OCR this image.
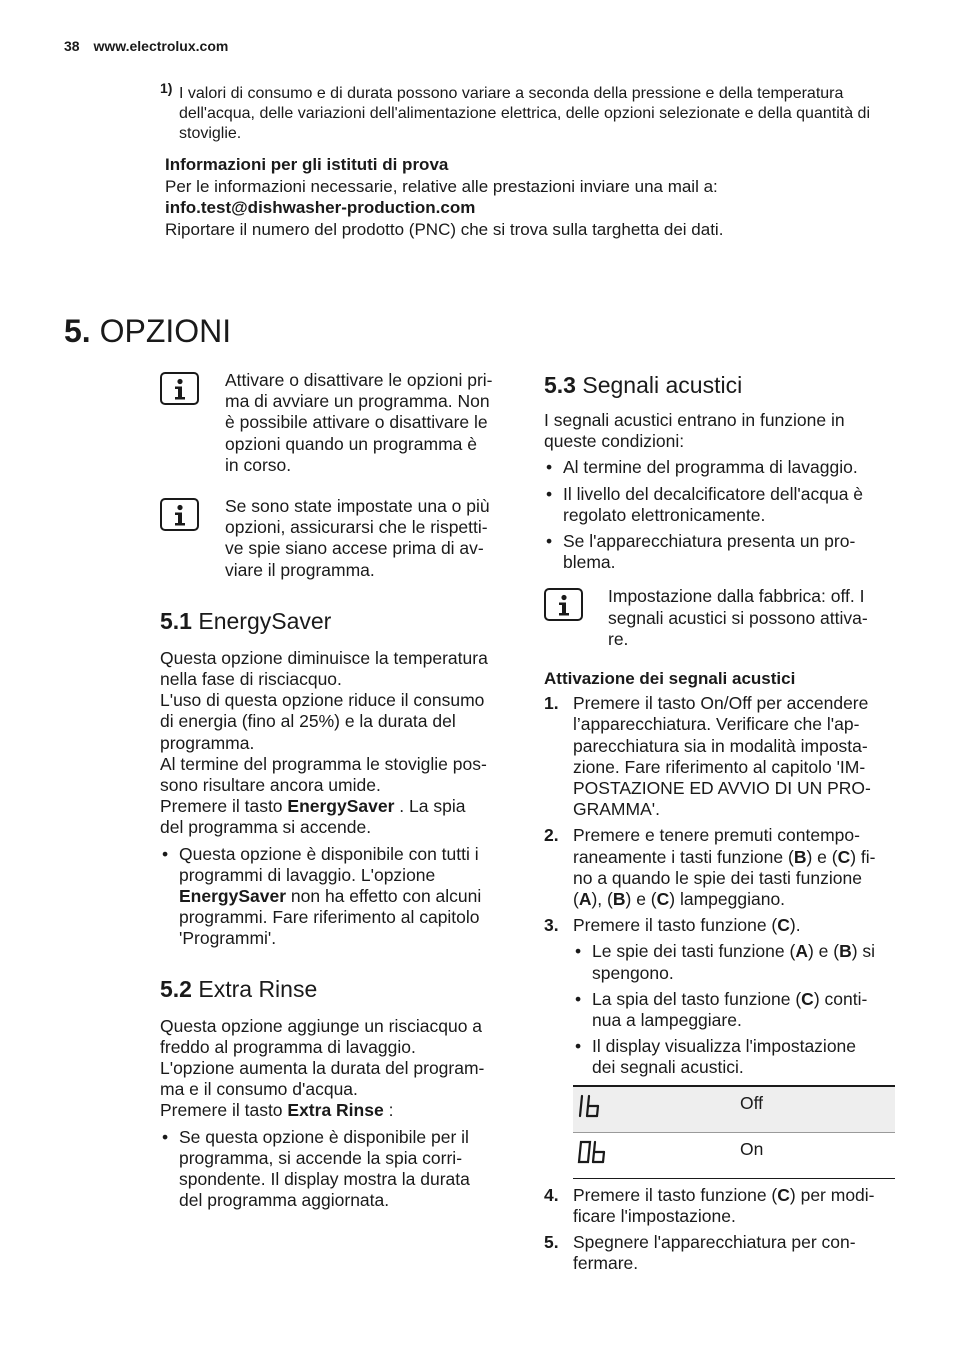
38 www.electrolux.com
1) I valori di consumo e di durata possono variare a seconda della pressione e della temperatura dell'acqua, delle variazioni dell'alimentazione elettrica, delle opzioni selezionate e della quantità di stoviglie.
Informazioni per gli istituti di prova
Per le informazioni necessarie, relative alle prestazioni inviare una mail a:
info.test@dishwasher-production.com
Riportare il numero del prodotto (PNC) che si trova sulla targhetta dei dati.
5. OPZIONI
Attivare o disattivare le opzioni pri-
ma di avviare un programma. Non
è possibile attivare o disattivare le
opzioni quando un programma è
in corso.
Se sono state impostate una o più
opzioni, assicurarsi che le rispetti-
ve spie siano accese prima di av-
viare il programma.
5.1 EnergySaver
Questa opzione diminuisce la temperatura
nella fase di risciacquo.
L'uso di questa opzione riduce il consumo
di energia (fino al 25%) e la durata del
programma.
Al termine del programma le stoviglie pos-
sono risultare ancora umide.
Premere il tasto EnergySaver . La spia
del programma si accende.
• Questa opzione è disponibile con tutti i
programmi di lavaggio. L'opzione
EnergySaver non ha effetto con alcuni
programmi. Fare riferimento al capitolo
'Programmi'.
5.2 Extra Rinse
Questa opzione aggiunge un risciacquo a
freddo al programma di lavaggio.
L'opzione aumenta la durata del program-
ma e il consumo d'acqua.
Premere il tasto Extra Rinse :
• Se questa opzione è disponibile per il
programma, si accende la spia corri-
spondente. Il display mostra la durata
del programma aggiornata.
5.3 Segnali acustici
I segnali acustici entrano in funzione in
queste condizioni:
• Al termine del programma di lavaggio.
• Il livello del decalcificatore dell'acqua è
regolato elettronicamente.
• Se l'apparecchiatura presenta un pro-
blema.
Impostazione dalla fabbrica: off. I
segnali acustici si possono attiva-
re.
Attivazione dei segnali acustici
1. Premere il tasto On/Off per accendere
l’apparecchiatura. Verificare che l'ap-
parecchiatura sia in modalità imposta-
zione. Fare riferimento al capitolo 'IM-
POSTAZIONE ED AVVIO DI UN PRO-
GRAMMA'.
2. Premere e tenere premuti contempo-
raneamente i tasti funzione (B) e (C) fi-
no a quando le spie dei tasti funzione
(A), (B) e (C) lampeggiano.
3. Premere il tasto funzione (C).
• Le spie dei tasti funzione (A) e (B) si
spengono.
• La spia del tasto funzione (C) conti-
nua a lampeggiare.
• Il display visualizza l'impostazione
dei segnali acustici.
	Off
	On
4. Premere il tasto funzione (C) per modi-
ficare l'impostazione.
5. Spegnere l'apparecchiatura per con-
fermare.
